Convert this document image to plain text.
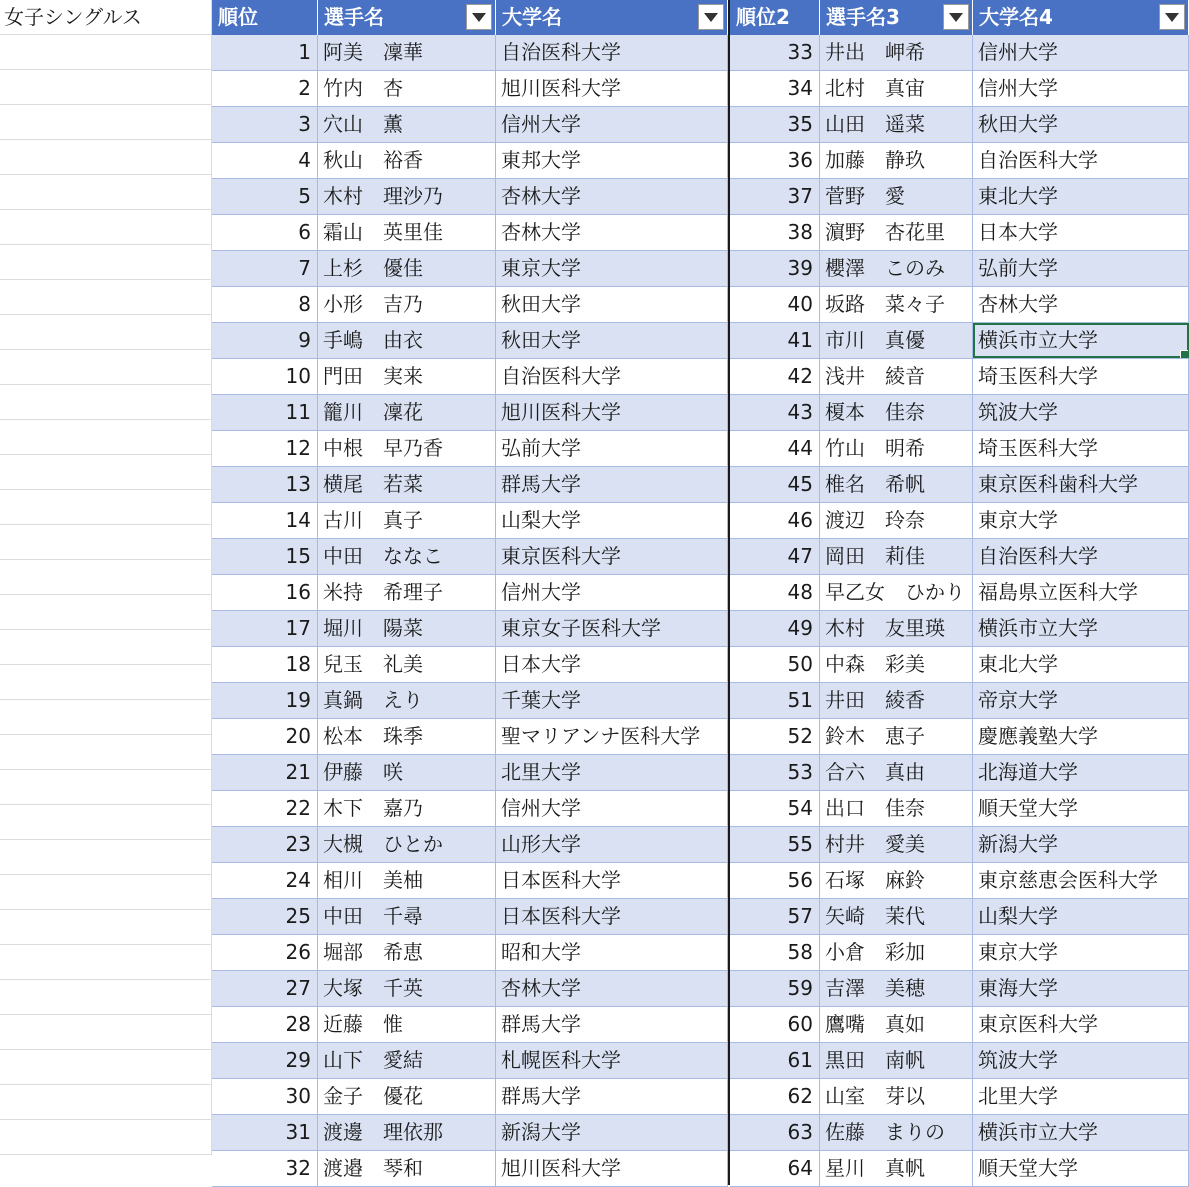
女子シングルス	順位	選手名	大学名
1 阿美　凜華	自治医科大学
2 竹内　杏	旭川医科大学
3 穴山　薫	信州大学
4 秋山　裕香	東邦大学
5 木村　理沙乃	杏林大学
6 霜山　英里佳	杏林大学
7 上杉　優佳	東京大学
8 小形　吉乃	秋田大学
9 手嶋　由衣	秋田大学
10 門田　実来	自治医科大学
11 籠川　凜花	旭川医科大学
12 中根　早乃香	弘前大学
13 横尾　若菜	群馬大学
14 古川　真子	山梨大学
15 中田　ななこ	東京医科大学
16 米持　希理子	信州大学
17 堀川　陽菜	東京女子医科大学
18 兒玉　礼美	日本大学
19 真鍋　えり	千葉大学
20 松本　珠季	聖マリアンナ医科大学
21 伊藤　咲	北里大学
22 木下　嘉乃	信州大学
23 大槻　ひとか	山形大学
24 相川　美柚	日本医科大学
25 中田　千尋	日本医科大学
26 堀部　希恵	昭和大学
27 大塚　千英	杏林大学
28 近藤　惟	群馬大学
29 山下　愛結	札幌医科大学
30 金子　優花	群馬大学
31 渡邊　理依那	新潟大学
32 渡邉　琴和	旭川医科大学
順位2	選手名3	大学名4
33 井出　岬希	信州大学
34 北村　真宙	信州大学
35 山田　遥菜	秋田大学
36 加藤　静玖	自治医科大学
37 菅野　愛	東北大学
38 濵野　杏花里	日本大学
39 櫻澤　このみ	弘前大学
40 坂路　菜々子	杏林大学
41 市川　真優	横浜市立大学
42 浅井　綾音	埼玉医科大学
43 榎本　佳奈	筑波大学
44 竹山　明希	埼玉医科大学
45 椎名　希帆	東京医科歯科大学
46 渡辺　玲奈	東京大学
47 岡田　莉佳	自治医科大学
48 早乙女　ひかり 福島県立医科大学
49 木村　友里瑛	横浜市立大学
50 中森　彩美	東北大学
51 井田　綾香	帝京大学
52 鈴木　恵子	慶應義塾大学
53 合六　真由	北海道大学
54 出口　佳奈	順天堂大学
55 村井　愛美	新潟大学
56 石塚　麻鈴	東京慈恵会医科大学
57 矢崎　茉代	山梨大学
58 小倉　彩加	東京大学
59 吉澤　美穂	東海大学
60 鷹嘴　真如	東京医科大学
61 黒田　南帆	筑波大学
62 山室　芽以	北里大学
63 佐藤　まりの	横浜市立大学
64 星川　真帆	順天堂大学
